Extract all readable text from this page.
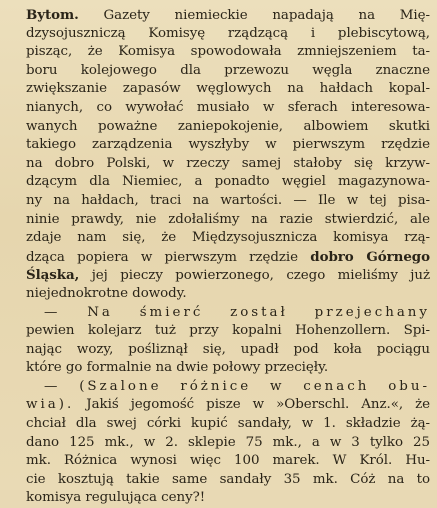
Bytom. Gazety niemieckie napadają na Mię-
dzysojuszniczą Komisyę rządzącą i plebiscytową,
pisząc, że Komisya spowodowała zmniejszeniem ta-
boru kolejowego dla przewozu węgla znaczne
zwiększanie zapasów węglowych na hałdach kopal-
nianych, co wywołać musiało w sferach interesowa-
wanych poważne zaniepokojenie, albowiem skutki
takiego zarządzenia wyszłyby w pierwszym rzędzie
na dobro Polski, w rzeczy samej stałoby się krzyw-
dzącym dla Niemiec, a ponadto węgiel magazynowa-
ny na hałdach, traci na wartości. — Ile w tej pisa-
ninie prawdy, nie zdołaliśmy na razie stwierdzić, ale
zdaje nam się, że Międzysojusznicza komisya rzą-
dząca popiera w pierwszym rzędzie dobro Górnego
Śląska, jej pieczy powierzonego, czego mieliśmy już
niejednokrotne dowody.
— Na śmierć został przejechany
pewien kolejarz tuż przy kopalni Hohenzollern. Spi-
nając wozy, pośliznął się, upadł pod koła pociągu
które go formalnie na dwie połowy przecięły.
— (Szalone różnice w cenach obu-
wia). Jakiś jegomość pisze w »Oberschl. Anz.«, że
chciał dla swej córki kupić sandały, w 1. składzie żą-
dano 125 mk., w 2. sklepie 75 mk., a w 3 tylko 25
mk. Różnica wynosi więc 100 marek. W Król. Hu-
cie kosztują takie same sandały 35 mk. Cóż na to
komisya regulująca ceny?!
